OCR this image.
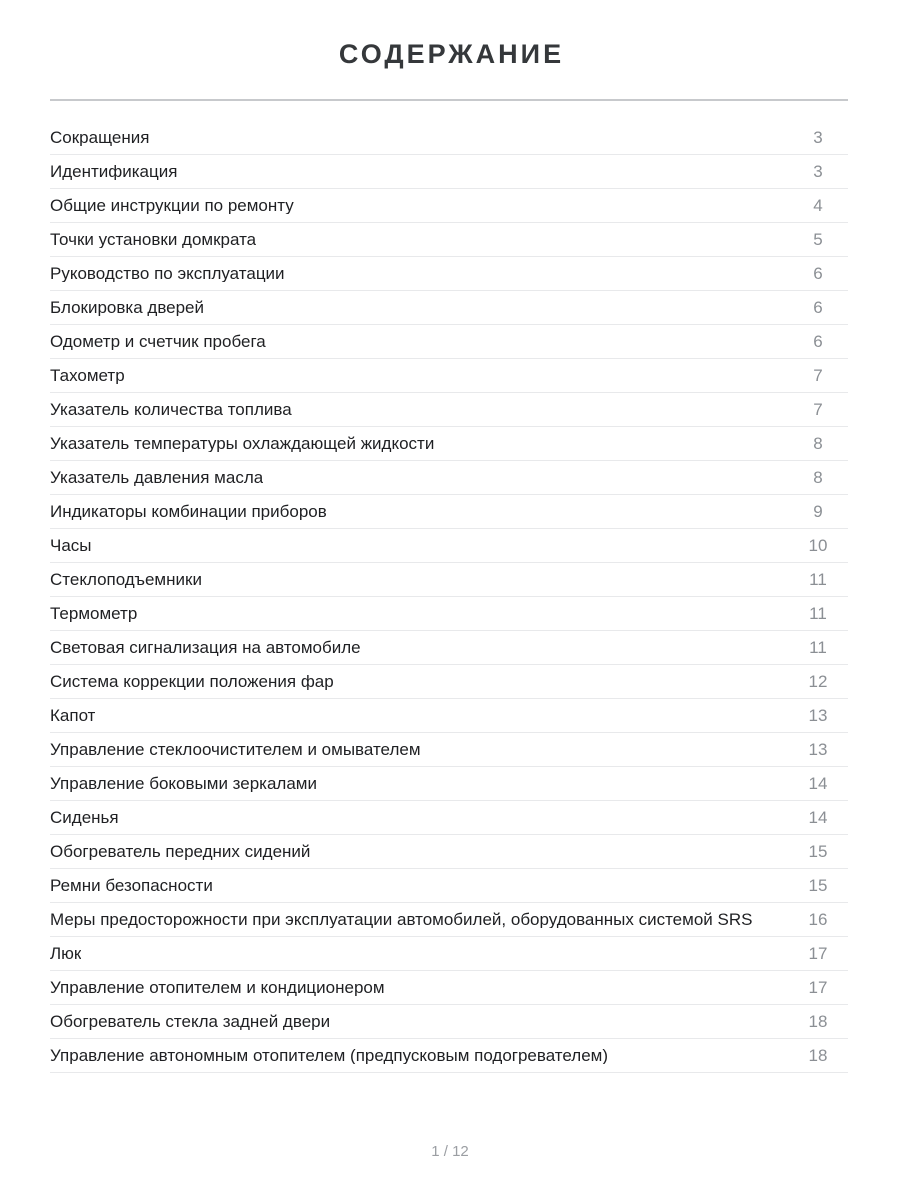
СОДЕРЖАНИЕ
Сокращения	3
Идентификация	3
Общие инструкции по ремонту	4
Точки установки домкрата	5
Руководство по эксплуатации	6
Блокировка дверей	6
Одометр и счетчик пробега	6
Тахометр	7
Указатель количества топлива	7
Указатель температуры охлаждающей жидкости	8
Указатель давления масла	8
Индикаторы комбинации приборов	9
Часы	10
Стеклоподъемники	11
Термометр	11
Световая сигнализация на автомобиле	11
Система коррекции положения фар	12
Капот	13
Управление стеклоочистителем и омывателем	13
Управление боковыми зеркалами	14
Сиденья	14
Обогреватель передних сидений	15
Ремни безопасности	15
Меры предосторожности при эксплуатации автомобилей, оборудованных системой SRS	16
Люк	17
Управление отопителем и кондиционером	17
Обогреватель стекла задней двери	18
Управление автономным отопителем (предпусковым подогревателем)	18
1 / 12
